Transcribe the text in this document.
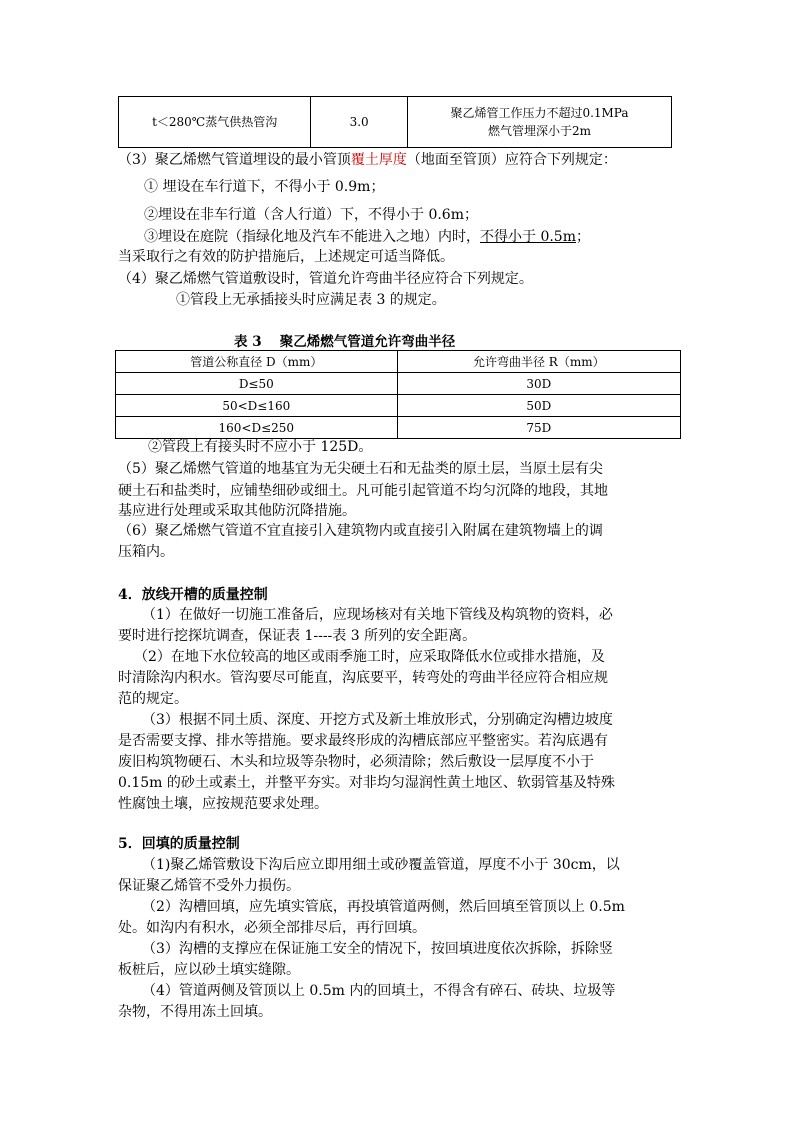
t＜280℃蒸气供热管沟	3.0	
聚乙烯管工作压力不超过0.1MPa
燃气管埋深小于2m
（3）聚乙烯燃气管道埋设的最小管顶覆土厚度（地面至管顶）应符合下列规定：
① 埋设在车行道下，不得小于 0.9m；
②埋设在非车行道（含人行道）下，不得小于 0.6m；
③埋设在庭院（指绿化地及汽车不能进入之地）内时，不得小于 0.5m；
当采取行之有效的防护措施后，上述规定可适当降低。
（4）聚乙烯燃气管道敷设时，管道允许弯曲半径应符合下列规定。
①管段上无承插接头时应满足表 3 的规定。
表 3　 聚乙烯燃气管道允许弯曲半径
管道公称直径 D（mm）	允许弯曲半径 R（mm）
D≤50	30D
50<D≤160	50D
160<D≤250	75D
②管段上有接头时不应小于 125D。
（5）聚乙烯燃气管道的地基宜为无尖硬土石和无盐类的原土层，当原土层有尖
硬土石和盐类时，应铺垫细砂或细土。凡可能引起管道不均匀沉降的地段，其地
基应进行处理或采取其他防沉降措施。
（6）聚乙烯燃气管道不宜直接引入建筑物内或直接引入附属在建筑物墙上的调
压箱内。
4．放线开槽的质量控制
（1）在做好一切施工准备后，应现场核对有关地下管线及构筑物的资料，必
要时进行挖探坑调查，保证表 1----表 3 所列的安全距离。
（2）在地下水位较高的地区或雨季施工时，应采取降低水位或排水措施，及
时清除沟内积水。管沟要尽可能直，沟底要平，转弯处的弯曲半径应符合相应规
范的规定。
（3）根据不同土质、深度、开挖方式及新土堆放形式，分别确定沟槽边坡度
是否需要支撑、排水等措施。要求最终形成的沟槽底部应平整密实。若沟底遇有
废旧构筑物硬石、木头和垃圾等杂物时，必须清除；然后敷设一层厚度不小于
0.15m 的砂土或素土，并整平夯实。对非均匀湿润性黄土地区、软弱管基及特殊
性腐蚀土壤，应按规范要求处理。
5．回填的质量控制
（1)聚乙烯管敷设下沟后应立即用细土或砂覆盖管道，厚度不小于 30cm，以
保证聚乙烯管不受外力损伤。
（2）沟槽回填，应先填实管底，再投填管道两侧，然后回填至管顶以上 0.5m
处。如沟内有积水，必须全部排尽后，再行回填。
（3）沟槽的支撑应在保证施工安全的情况下，按回填进度依次拆除，拆除竖
板桩后，应以砂土填实缝隙。
（4）管道两侧及管顶以上 0.5m 内的回填土，不得含有碎石、砖块、垃圾等
杂物，不得用冻土回填。
